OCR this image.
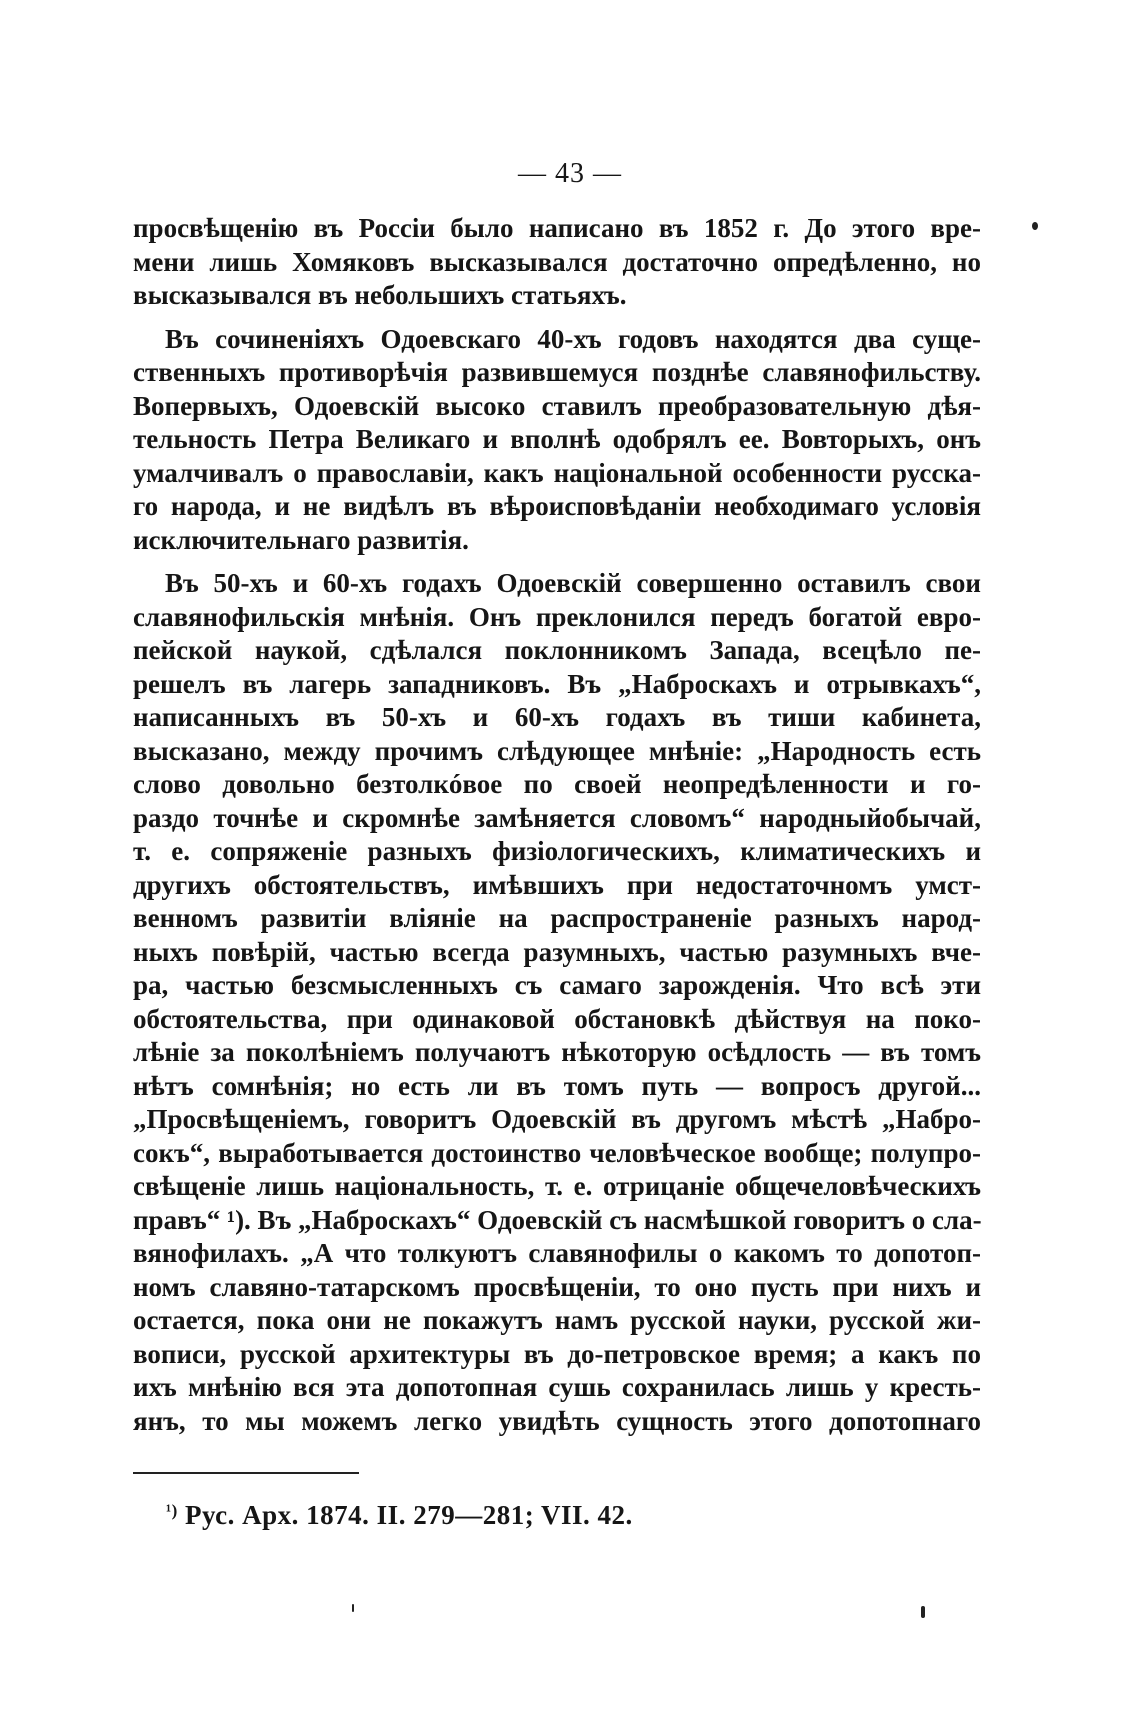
— 43 —
просвѣщенію въ Россіи было написано въ 1852 г. До этого вре-
мени лишь Хомяковъ высказывался достаточно опредѣленно, но
высказывался въ небольшихъ статьяхъ.
Въ сочиненіяхъ Одоевскаго 40-хъ годовъ находятся два суще-
ственныхъ противорѣчія развившемуся позднѣе славянофильству.
Вопервыхъ, Одоевскій высоко ставилъ преобразовательную дѣя-
тельность Петра Великаго и вполнѣ одобрялъ ее. Вовторыхъ, онъ
умалчивалъ о православіи, какъ національной особенности русска-
го народа, и не видѣлъ въ вѣроисповѣданіи необходимаго условія
исключительнаго развитія.
Въ 50-хъ и 60-хъ годахъ Одоевскій совершенно оставилъ свои
славянофильскія мнѣнія. Онъ преклонился передъ богатой евро-
пейской наукой, сдѣлался поклонникомъ Запада, всецѣло пе-
решелъ въ лагерь западниковъ. Въ „Наброскахъ и отрывкахъ“,
написанныхъ въ 50-хъ и 60-хъ годахъ въ тиши кабинета,
высказано, между прочимъ слѣдующее мнѣніе: „Народность есть
слово довольно безтолкóвое по своей неопредѣленности и го-
раздо точнѣе и скромнѣе замѣняется словомъ“ народныйобычай,
т. е. сопряженіе разныхъ физіологическихъ, климатическихъ и
другихъ обстоятельствъ, имѣвшихъ при недостаточномъ умст-
венномъ развитіи вліяніе на распространеніе разныхъ народ-
ныхъ повѣрій, частью всегда разумныхъ, частью разумныхъ вче-
ра, частью безсмысленныхъ съ самаго зарожденія. Что всѣ эти
обстоятельства, при одинаковой обстановкѣ дѣйствуя на поко-
лѣніе за поколѣніемъ получаютъ нѣкоторую осѣдлость — въ томъ
нѣтъ сомнѣнія; но есть ли въ томъ путь — вопросъ другой...
„Просвѣщеніемъ, говоритъ Одоевскій въ другомъ мѣстѣ „Набро-
сокъ“, выработывается достоинство человѣческое вообще; полупро-
свѣщеніе лишь національность, т. е. отрицаніе общечеловѣческихъ
правъ“ ¹). Въ „Наброскахъ“ Одоевскій съ насмѣшкой говоритъ о сла-
вянофилахъ. „А что толкуютъ славянофилы о какомъ то допотоп-
номъ славяно-татарскомъ просвѣщеніи, то оно пусть при нихъ и
остается, пока они не покажутъ намъ русской науки, русской жи-
вописи, русской архитектуры въ до-петровское время; а какъ по
ихъ мнѣнію вся эта допотопная сушь сохранилась лишь у кресть-
янъ, то мы можемъ легко увидѣть сущность этого допотопнаго
$^{^1)}$ Рус. Арх. 1874. II. 279—281; VII. 42.
